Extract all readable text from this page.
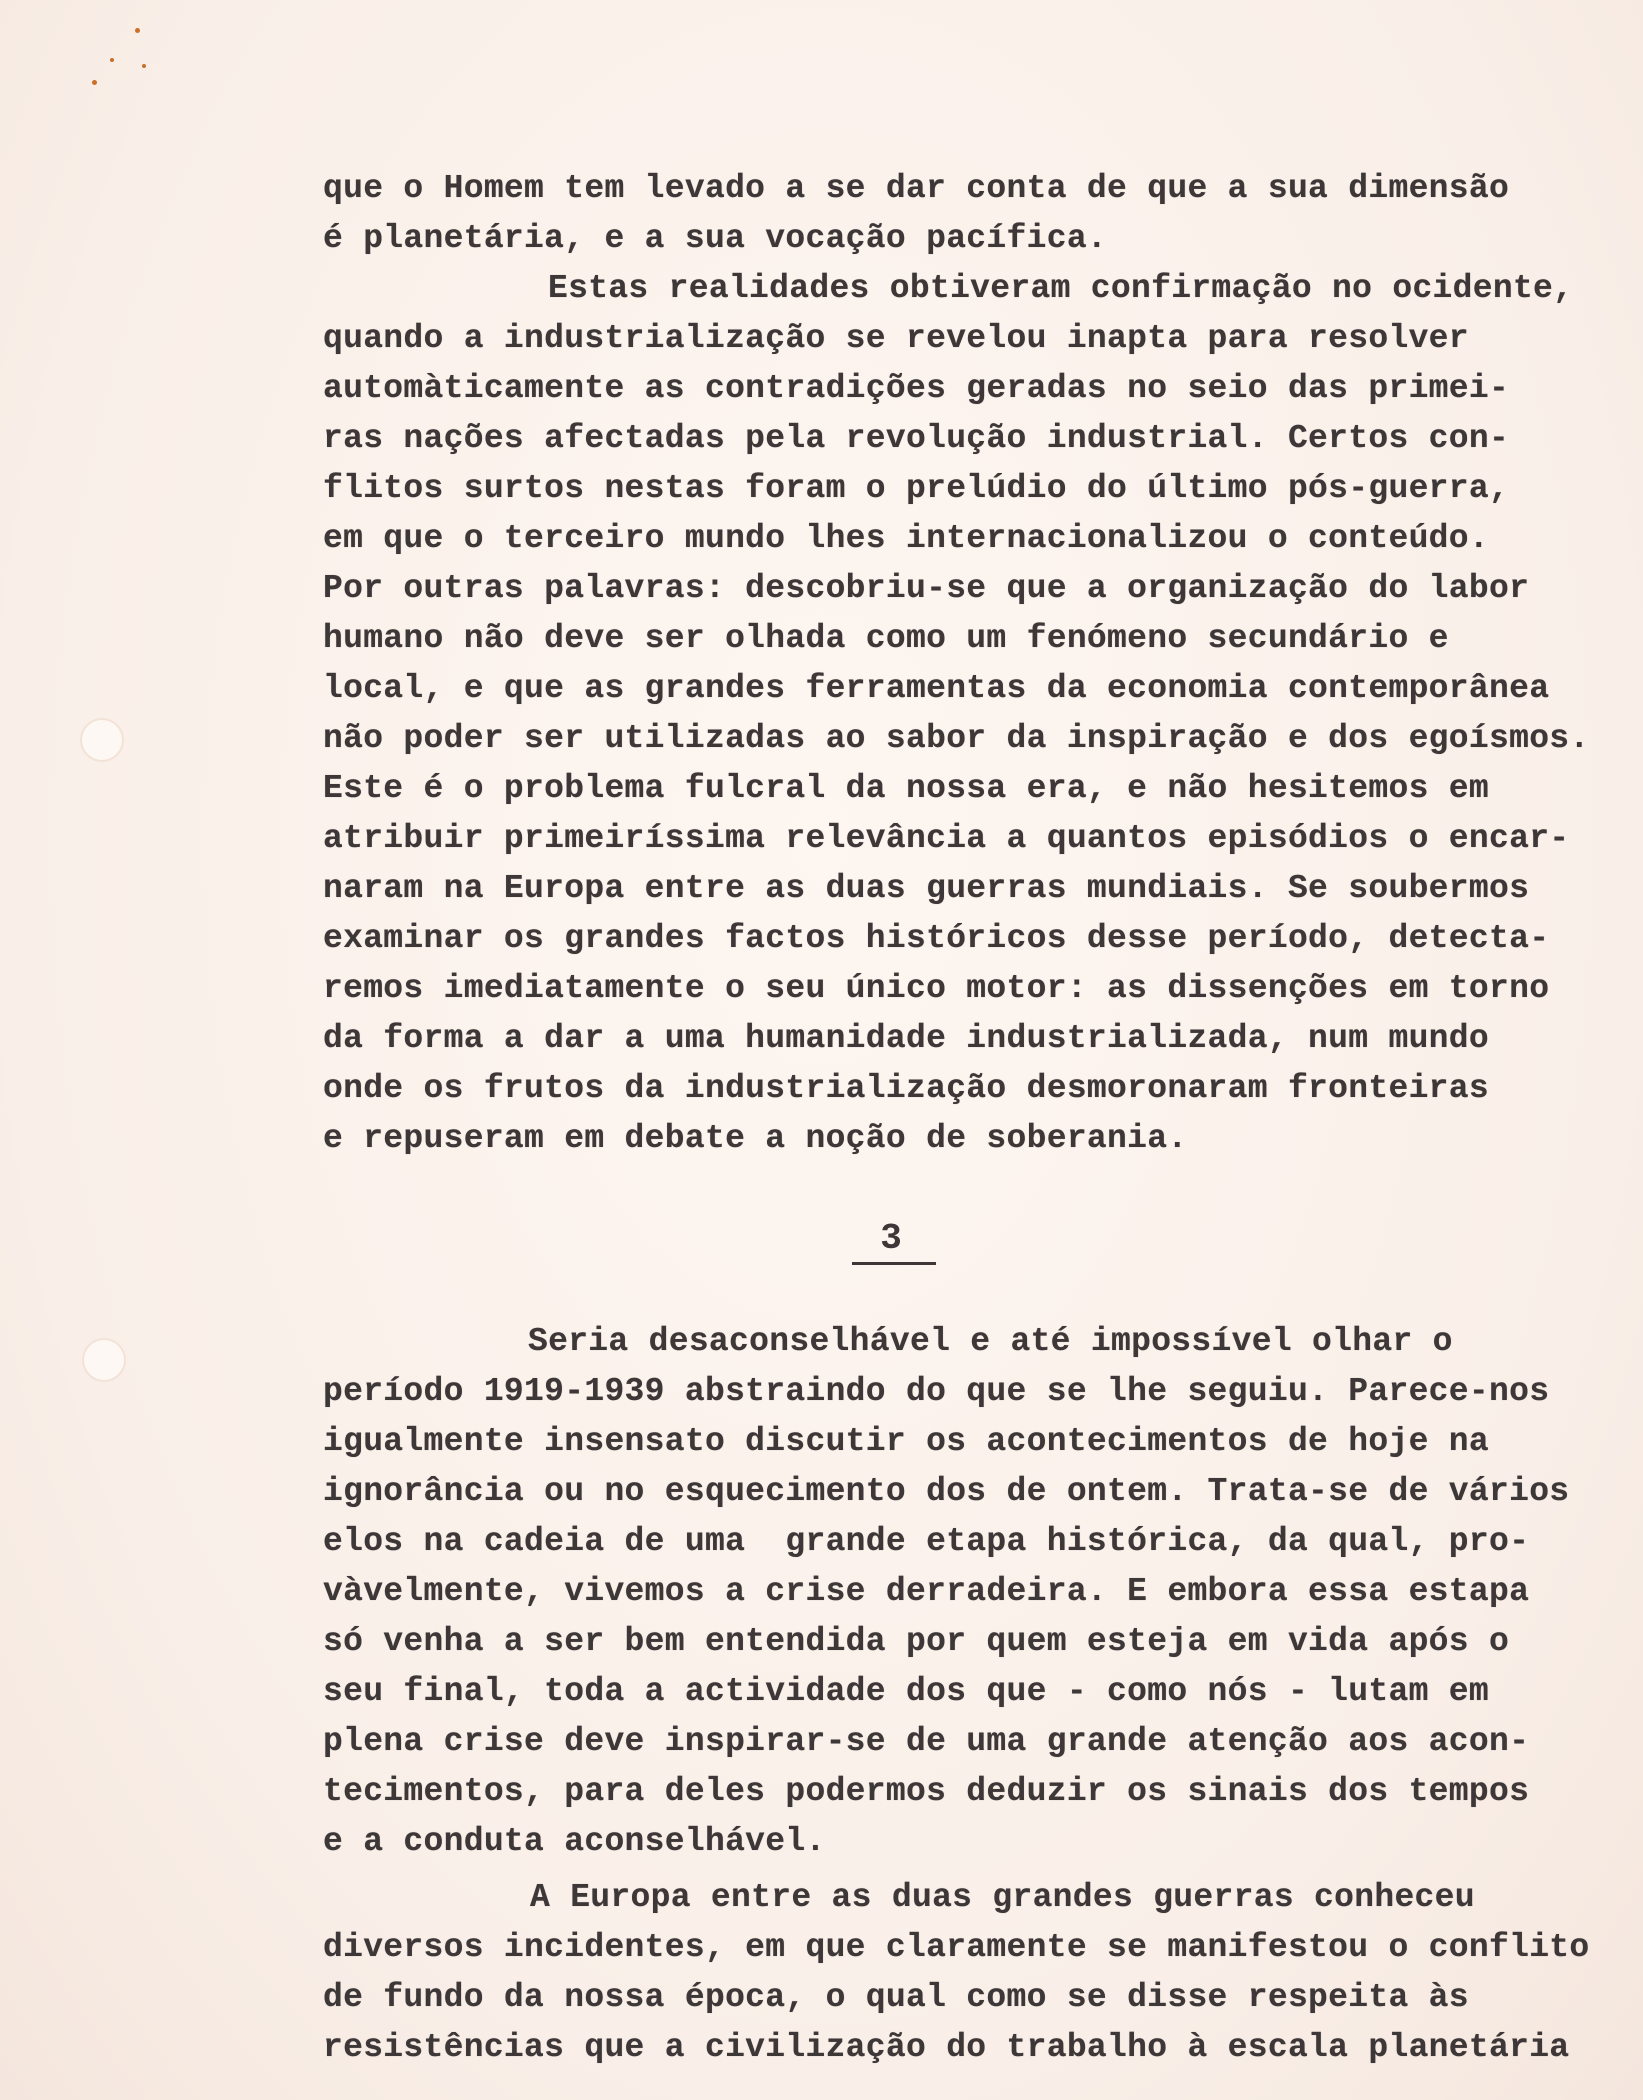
que o Homem tem levado a se dar conta de que a sua dimensão
é planetária, e a sua vocação pacífica.
Estas realidades obtiveram confirmação no ocidente,
quando a industrialização se revelou inapta para resolver
automàticamente as contradições geradas no seio das primei-
ras nações afectadas pela revolução industrial. Certos con-
flitos surtos nestas foram o prelúdio do último pós-guerra,
em que o terceiro mundo lhes internacionalizou o conteúdo.
Por outras palavras: descobriu-se que a organização do labor
humano não deve ser olhada como um fenómeno secundário e
local, e que as grandes ferramentas da economia contemporânea
não poder ser utilizadas ao sabor da inspiração e dos egoísmos.
Este é o problema fulcral da nossa era, e não hesitemos em
atribuir primeiríssima relevância a quantos episódios o encar-
naram na Europa entre as duas guerras mundiais. Se soubermos
examinar os grandes factos históricos desse período, detecta-
remos imediatamente o seu único motor: as dissenções em torno
da forma a dar a uma humanidade industrializada, num mundo
onde os frutos da industrialização desmoronaram fronteiras
e repuseram em debate a noção de soberania.
3
Seria desaconselhável e até impossível olhar o
período 1919-1939 abstraindo do que se lhe seguiu. Parece-nos
igualmente insensato discutir os acontecimentos de hoje na
ignorância ou no esquecimento dos de ontem. Trata-se de vários
elos na cadeia de uma  grande etapa histórica, da qual, pro-
vàvelmente, vivemos a crise derradeira. E embora essa estapa
só venha a ser bem entendida por quem esteja em vida após o
seu final, toda a actividade dos que - como nós - lutam em
plena crise deve inspirar-se de uma grande atenção aos acon-
tecimentos, para deles podermos deduzir os sinais dos tempos
e a conduta aconselhável.
A Europa entre as duas grandes guerras conheceu
diversos incidentes, em que claramente se manifestou o conflito
de fundo da nossa época, o qual como se disse respeita às
resistências que a civilização do trabalho à escala planetária
